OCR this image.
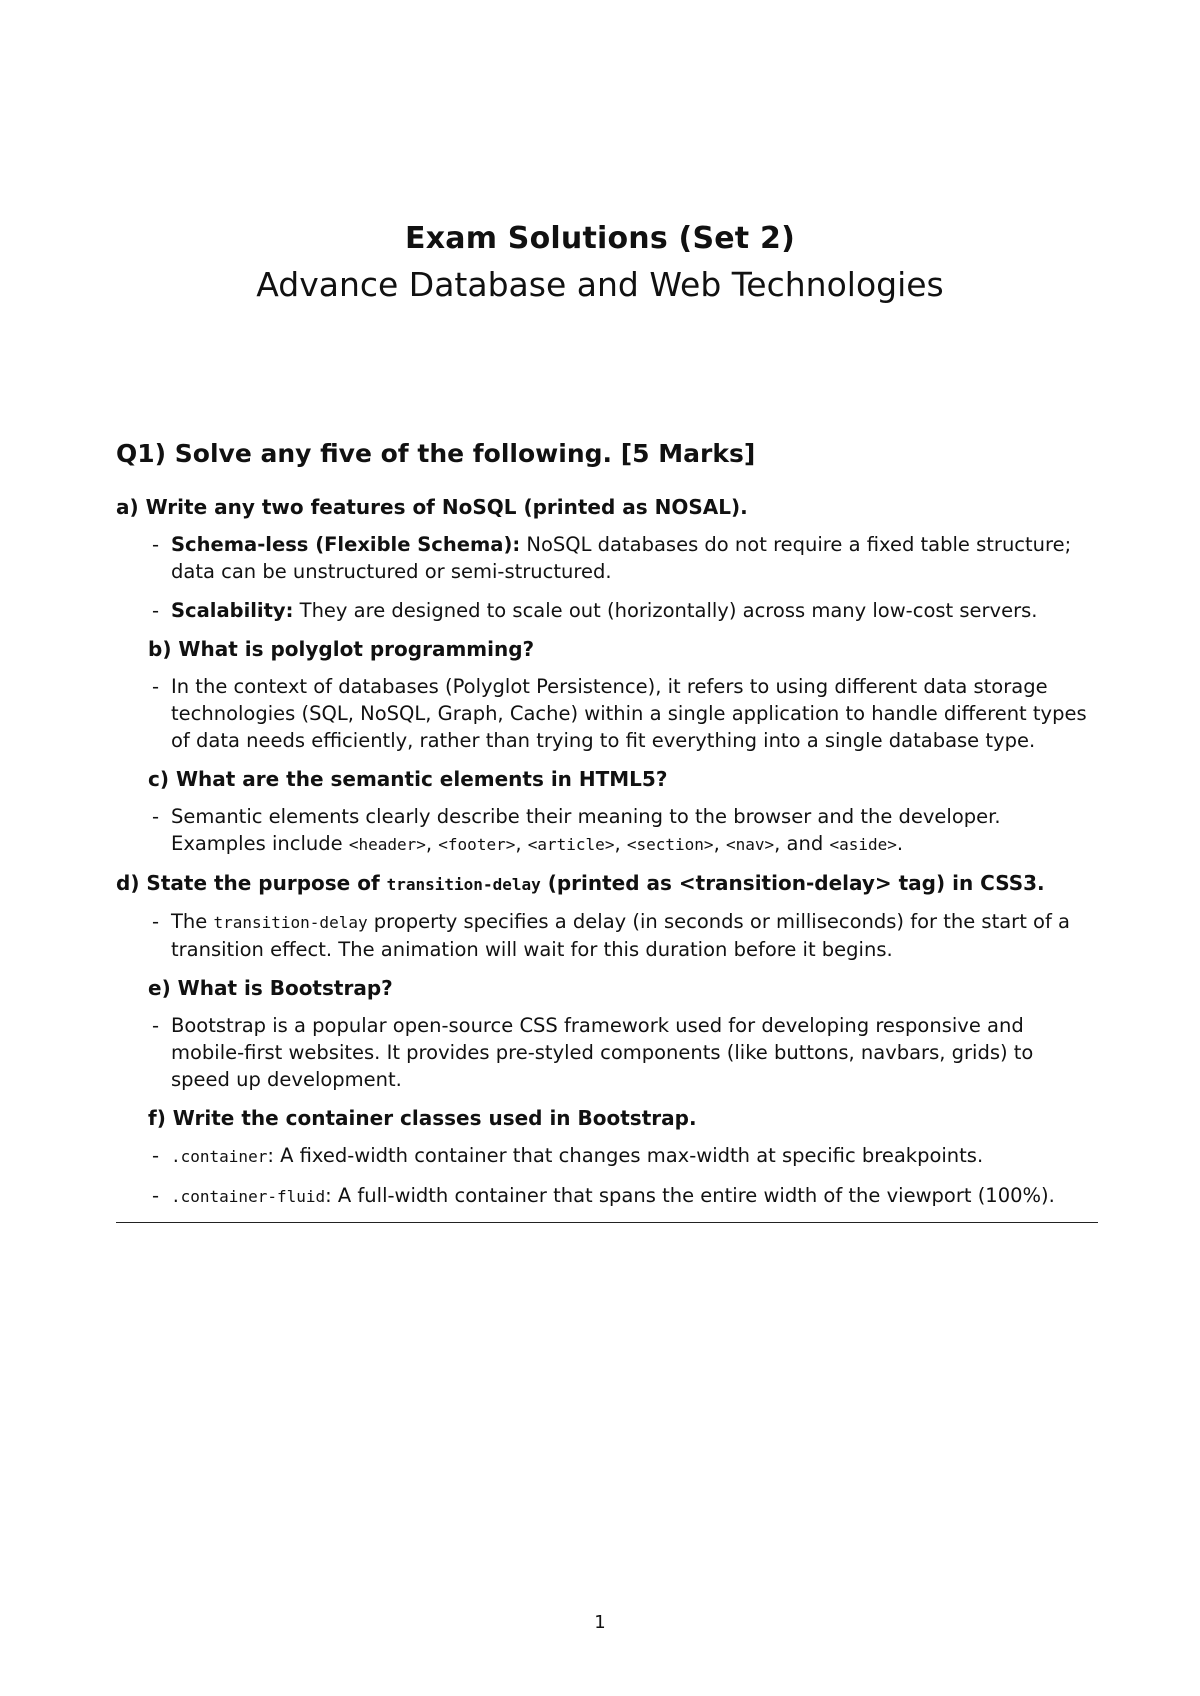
Exam Solutions (Set 2)
Advance Database and Web Technologies
Q1) Solve any five of the following. [5 Marks]
a) Write any two features of NoSQL (printed as NOSAL).
- Schema-less (Flexible Schema): NoSQL databases do not require a fixed table structure; data can be unstructured or semi-structured.
- Scalability: They are designed to scale out (horizontally) across many low-cost servers.
b) What is polyglot programming?
- In the context of databases (Polyglot Persistence), it refers to using different data storage technologies (SQL, NoSQL, Graph, Cache) within a single application to handle different types of data needs efficiently, rather than trying to fit everything into a single database type.
c) What are the semantic elements in HTML5?
- Semantic elements clearly describe their meaning to the browser and the developer. Examples include <header>, <footer>, <article>, <section>, <nav>, and <aside>.
d) State the purpose of transition-delay (printed as <transition-delay> tag) in CSS3.
- The transition-delay property specifies a delay (in seconds or milliseconds) for the start of a transition effect. The animation will wait for this duration before it begins.
e) What is Bootstrap?
- Bootstrap is a popular open-source CSS framework used for developing responsive and mobile-first websites. It provides pre-styled components (like buttons, navbars, grids) to speed up development.
f) Write the container classes used in Bootstrap.
- .container: A fixed-width container that changes max-width at specific breakpoints.
- .container-fluid: A full-width container that spans the entire width of the viewport (100%).
1
